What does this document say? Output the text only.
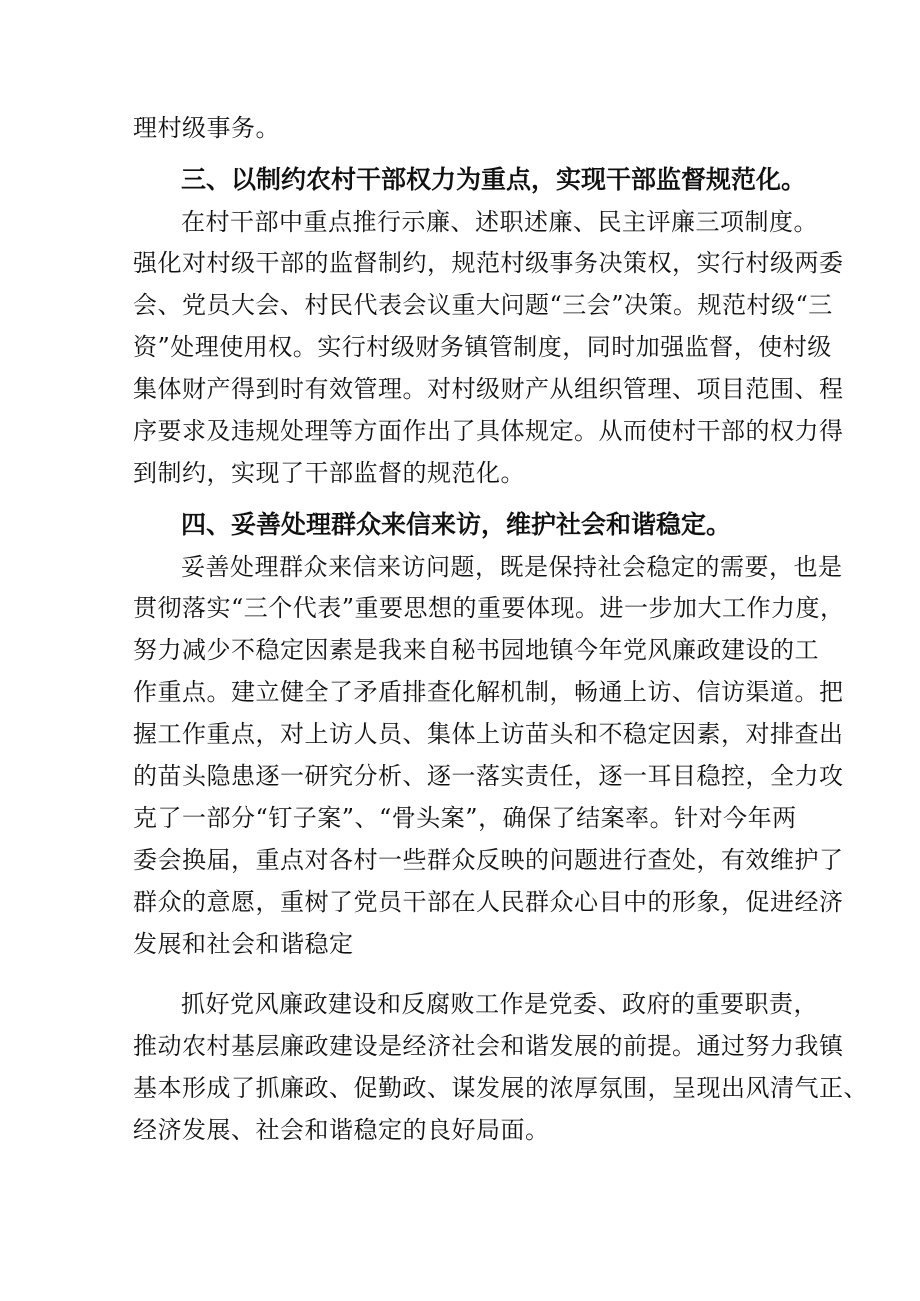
理村级事务。
三、以制约农村干部权力为重点，实现干部监督规范化。
在村干部中重点推行示廉、述职述廉、民主评廉三项制度。
强化对村级干部的监督制约，规范村级事务决策权，实行村级两委
会、党员大会、村民代表会议重大问题“三会”决策。规范村级“三
资”处理使用权。实行村级财务镇管制度，同时加强监督，使村级
集体财产得到时有效管理。对村级财产从组织管理、项目范围、程
序要求及违规处理等方面作出了具体规定。从而使村干部的权力得
到制约，实现了干部监督的规范化。
四、妥善处理群众来信来访，维护社会和谐稳定。
妥善处理群众来信来访问题，既是保持社会稳定的需要，也是
贯彻落实“三个代表”重要思想的重要体现。进一步加大工作力度，
努力减少不稳定因素是我来自秘书园地镇今年党风廉政建设的工
作重点。建立健全了矛盾排查化解机制，畅通上访、信访渠道。把
握工作重点，对上访人员、集体上访苗头和不稳定因素，对排查出
的苗头隐患逐一研究分析、逐一落实责任，逐一耳目稳控，全力攻
克了一部分“钉子案”、“骨头案”，确保了结案率。针对今年两
委会换届，重点对各村一些群众反映的问题进行查处，有效维护了
群众的意愿，重树了党员干部在人民群众心目中的形象，促进经济
发展和社会和谐稳定
抓好党风廉政建设和反腐败工作是党委、政府的重要职责，
推动农村基层廉政建设是经济社会和谐发展的前提。通过努力我镇
基本形成了抓廉政、促勤政、谋发展的浓厚氛围，呈现出风清气正、
经济发展、社会和谐稳定的良好局面。
